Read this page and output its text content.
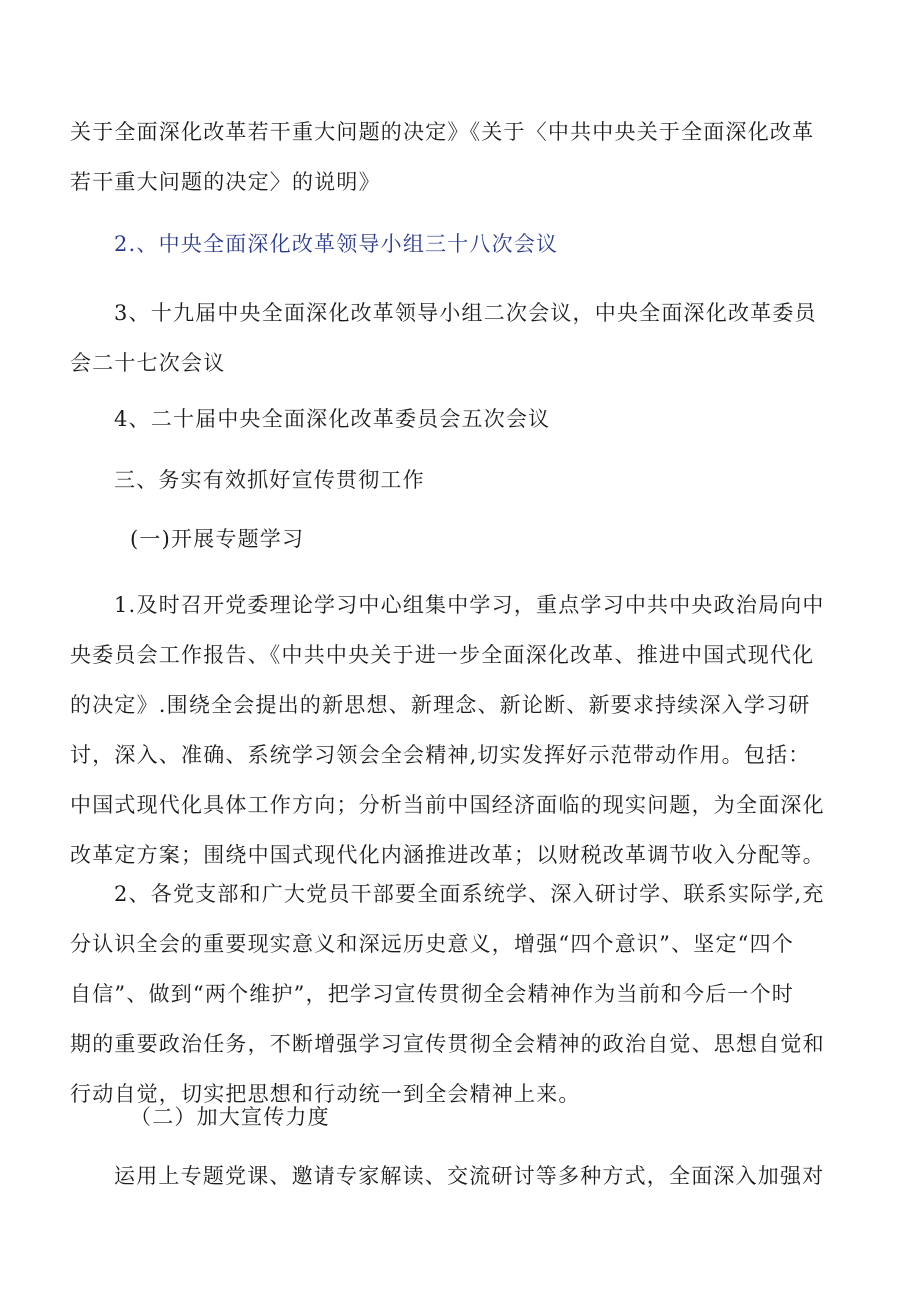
关于全面深化改革若干重大问题的决定》《关于〈中共中央关于全面深化改革
若干重大问题的决定〉的说明》

2.、中央全面深化改革领导小组三十八次会议

3、十九届中央全面深化改革领导小组二次会议，中央全面深化改革委员
会二十七次会议

4、二十届中央全面深化改革委员会五次会议

三、务实有效抓好宣传贯彻工作

(一)开展专题学习

1.及时召开党委理论学习中心组集中学习，重点学习中共中央政治局向中
央委员会工作报告、《中共中央关于进一步全面深化改革、推进中国式现代化
的决定》.围绕全会提出的新思想、新理念、新论断、新要求持续深入学习研
讨，深入、准确、系统学习领会全会精神,切实发挥好示范带动作用。包括：
中国式现代化具体工作方向；分析当前中国经济面临的现实问题，为全面深化
改革定方案；围绕中国式现代化内涵推进改革；以财税改革调节收入分配等。

2、各党支部和广大党员干部要全面系统学、深入研讨学、联系实际学,充
分认识全会的重要现实意义和深远历史意义，增强“四个意识”、坚定“四个
自信”、做到“两个维护”，把学习宣传贯彻全会精神作为当前和今后一个时
期的重要政治任务，不断增强学习宣传贯彻全会精神的政治自觉、思想自觉和
行动自觉，切实把思想和行动统一到全会精神上来。

（二）加大宣传力度

运用上专题党课、邀请专家解读、交流研讨等多种方式，全面深入加强对
